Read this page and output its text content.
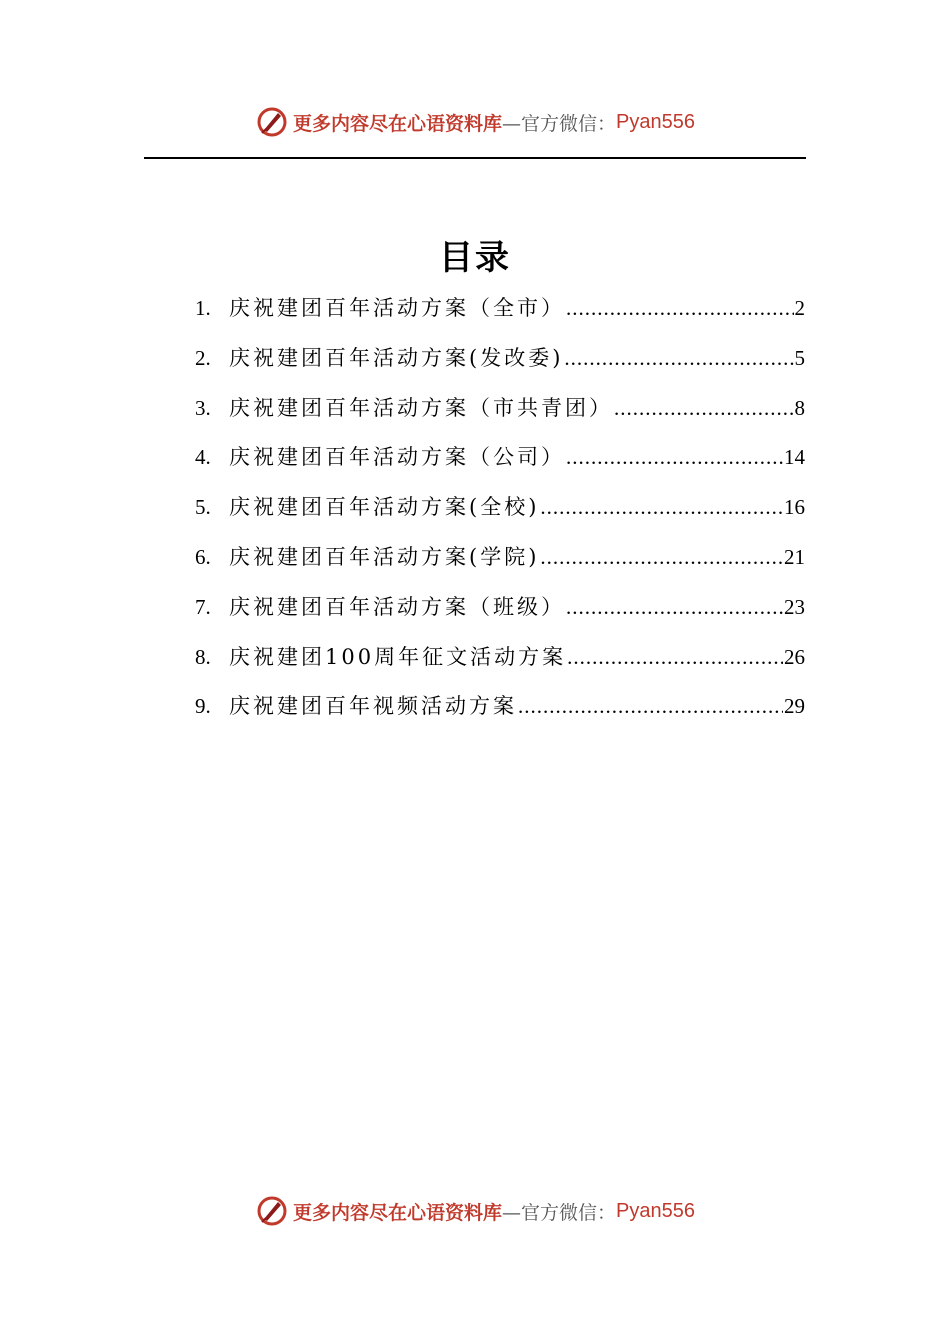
更多内容尽在心语资料库 —官方微信： Pyan556
目录
1. 庆祝建团百年活动方案（全市） .....	2
2. 庆祝建团百年活动方案(发改委) .....	5
3. 庆祝建团百年活动方案（市共青团） .....	8
4. 庆祝建团百年活动方案（公司） .....	14
5. 庆祝建团百年活动方案(全校) .....	16
6. 庆祝建团百年活动方案(学院) .....	21
7. 庆祝建团百年活动方案（班级） .....	23
8. 庆祝建团100周年征文活动方案 .....	26
9. 庆祝建团百年视频活动方案 .....	29
更多内容尽在心语资料库 —官方微信： Pyan556
